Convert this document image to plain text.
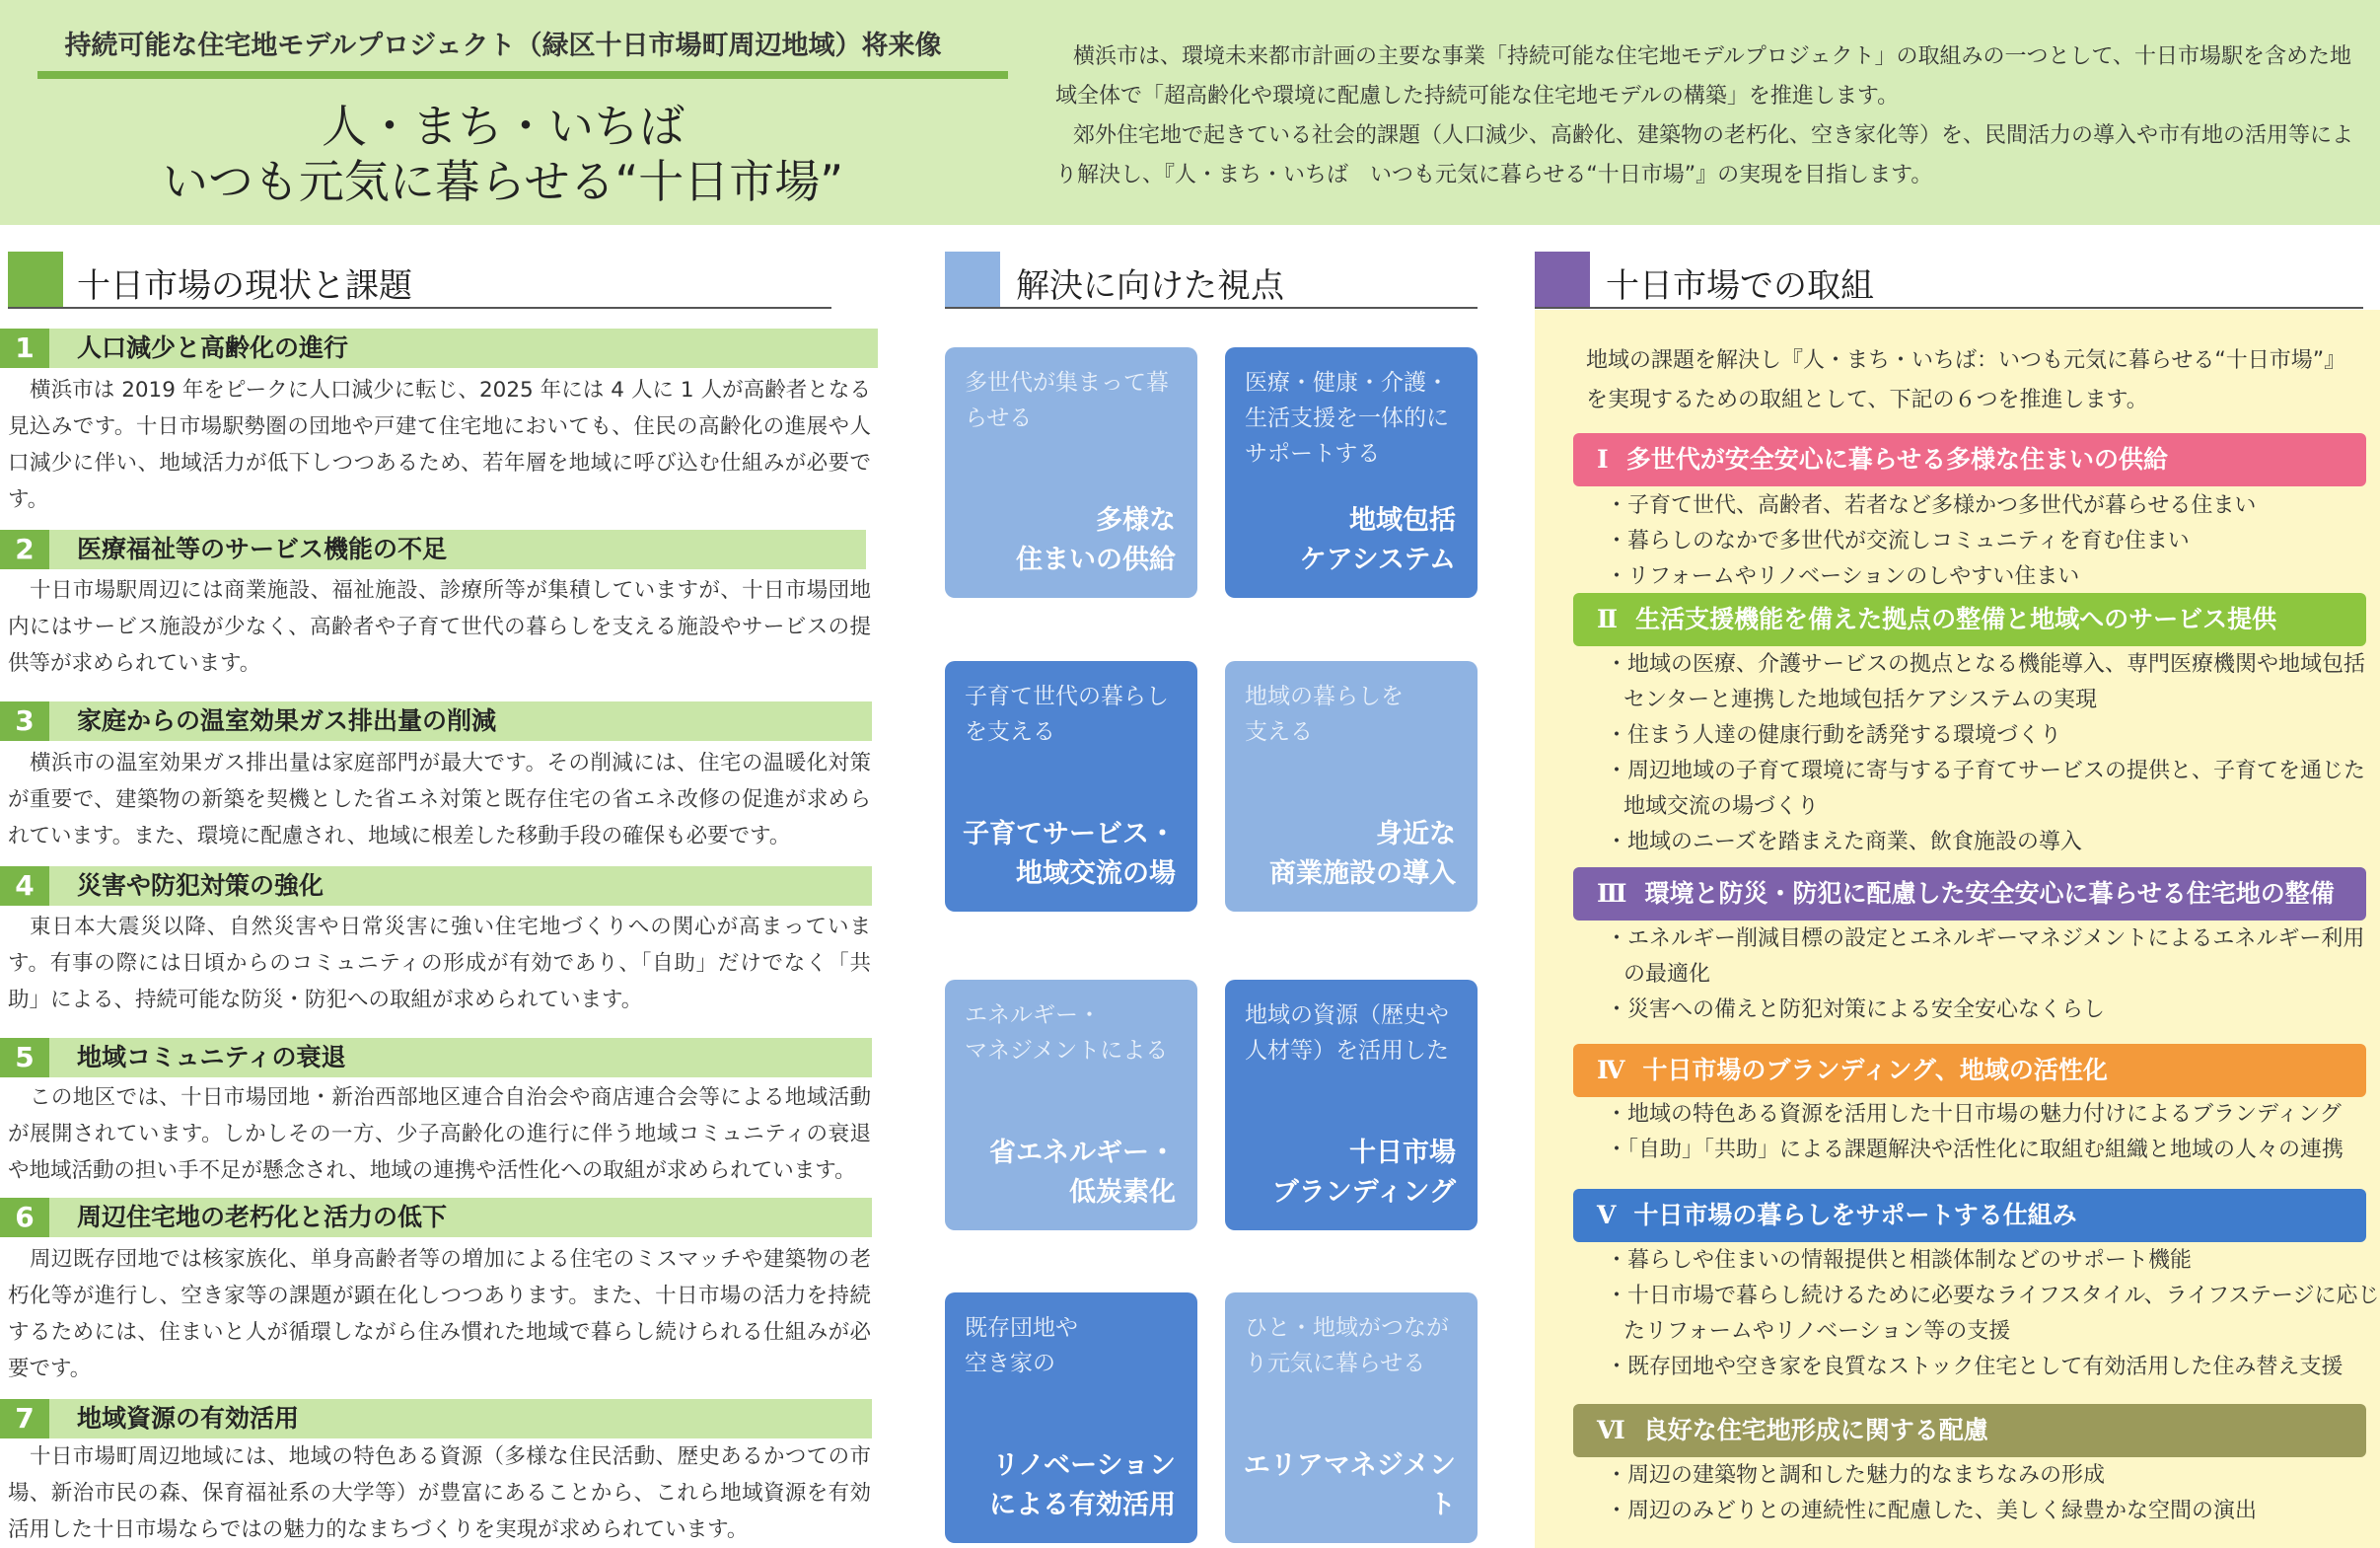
持続可能な住宅地モデルプロジェクト（緑区十日市場町周辺地域）将来像
人・まち・いちば
いつも元気に暮らせる“十日市場”
横浜市は、環境未来都市計画の主要な事業「持続可能な住宅地モデルプロジェクト」の取組みの一つとして、十日市場駅を含めた地域全体で「超高齢化や環境に配慮した持続可能な住宅地モデルの構築」を推進します。
郊外住宅地で起きている社会的課題（人口減少、高齢化、建築物の老朽化、空き家化等）を、民間活力の導入や市有地の活用等により解決し、『人・まち・いちば　いつも元気に暮らせる“十日市場”』の実現を目指します。
十日市場の現状と課題
1	人口減少と高齢化の進行
横浜市は 2019 年をピークに人口減少に転じ、2025 年には 4 人に 1 人が高齢者となる見込みです。十日市場駅勢圏の団地や戸建て住宅地においても、住民の高齢化の進展や人口減少に伴い、地域活力が低下しつつあるため、若年層を地域に呼び込む仕組みが必要です。
2	医療福祉等のサービス機能の不足
十日市場駅周辺には商業施設、福祉施設、診療所等が集積していますが、十日市場団地内にはサービス施設が少なく、高齢者や子育て世代の暮らしを支える施設やサービスの提供等が求められています。
3	家庭からの温室効果ガス排出量の削減
横浜市の温室効果ガス排出量は家庭部門が最大です。その削減には、住宅の温暖化対策が重要で、建築物の新築を契機とした省エネ対策と既存住宅の省エネ改修の促進が求められています。また、環境に配慮され、地域に根差した移動手段の確保も必要です。
4	災害や防犯対策の強化
東日本大震災以降、自然災害や日常災害に強い住宅地づくりへの関心が高まっています。有事の際には日頃からのコミュニティの形成が有効であり、「自助」だけでなく「共助」による、持続可能な防災・防犯への取組が求められています。
5	地域コミュニティの衰退
この地区では、十日市場団地・新治西部地区連合自治会や商店連合会等による地域活動が展開されています。しかしその一方、少子高齢化の進行に伴う地域コミュニティの衰退や地域活動の担い手不足が懸念され、地域の連携や活性化への取組が求められています。
6	周辺住宅地の老朽化と活力の低下
周辺既存団地では核家族化、単身高齢者等の増加による住宅のミスマッチや建築物の老朽化等が進行し、空き家等の課題が顕在化しつつあります。また、十日市場の活力を持続するためには、住まいと人が循環しながら住み慣れた地域で暮らし続けられる仕組みが必要です。
7	地域資源の有効活用
十日市場町周辺地域には、地域の特色ある資源（多様な住民活動、歴史あるかつての市場、新治市民の森、保育福祉系の大学等）が豊富にあることから、これら地域資源を有効活用した十日市場ならではの魅力的なまちづくりを実現が求められています。
解決に向けた視点
多世代が集まって暮らせる
多様な
住まいの供給
医療・健康・介護・生活支援を一体的にサポートする
地域包括
ケアシステム
子育て世代の暮らしを支える
子育てサービス・
地域交流の場
地域の暮らしを
支える
身近な
商業施設の導入
エネルギー・
マネジメントによる
省エネルギー・
低炭素化
地域の資源（歴史や人材等）を活用した
十日市場
ブランディング
既存団地や
空き家の
リノベーション
による有効活用
ひと・地域がつながり元気に暮らせる
エリアマネジメント
十日市場での取組
地域の課題を解決し『人・まち・いちば：いつも元気に暮らせる“十日市場”』を実現するための取組として、下記の６つを推進します。
Ⅰ 多世代が安全安心に暮らせる多様な住まいの供給
・子育て世代、高齢者、若者など多様かつ多世代が暮らせる住まい
・暮らしのなかで多世代が交流しコミュニティを育む住まい
・リフォームやリノベーションのしやすい住まい
Ⅱ 生活支援機能を備えた拠点の整備と地域へのサービス提供
・地域の医療、介護サービスの拠点となる機能導入、専門医療機関や地域包括センターと連携した地域包括ケアシステムの実現
・住まう人達の健康行動を誘発する環境づくり
・周辺地域の子育て環境に寄与する子育てサービスの提供と、子育てを通じた地域交流の場づくり
・地域のニーズを踏まえた商業、飲食施設の導入
Ⅲ 環境と防災・防犯に配慮した安全安心に暮らせる住宅地の整備
・エネルギー削減目標の設定とエネルギーマネジメントによるエネルギー利用の最適化
・災害への備えと防犯対策による安全安心なくらし
Ⅳ 十日市場のブランディング、地域の活性化
・地域の特色ある資源を活用した十日市場の魅力付けによるブランディング
・「自助」「共助」による課題解決や活性化に取組む組織と地域の人々の連携
Ⅴ 十日市場の暮らしをサポートする仕組み
・暮らしや住まいの情報提供と相談体制などのサポート機能
・十日市場で暮らし続けるために必要なライフスタイル、ライフステージに応じたリフォームやリノベーション等の支援
・既存団地や空き家を良質なストック住宅として有効活用した住み替え支援
Ⅵ 良好な住宅地形成に関する配慮
・周辺の建築物と調和した魅力的なまちなみの形成
・周辺のみどりとの連続性に配慮した、美しく緑豊かな空間の演出
